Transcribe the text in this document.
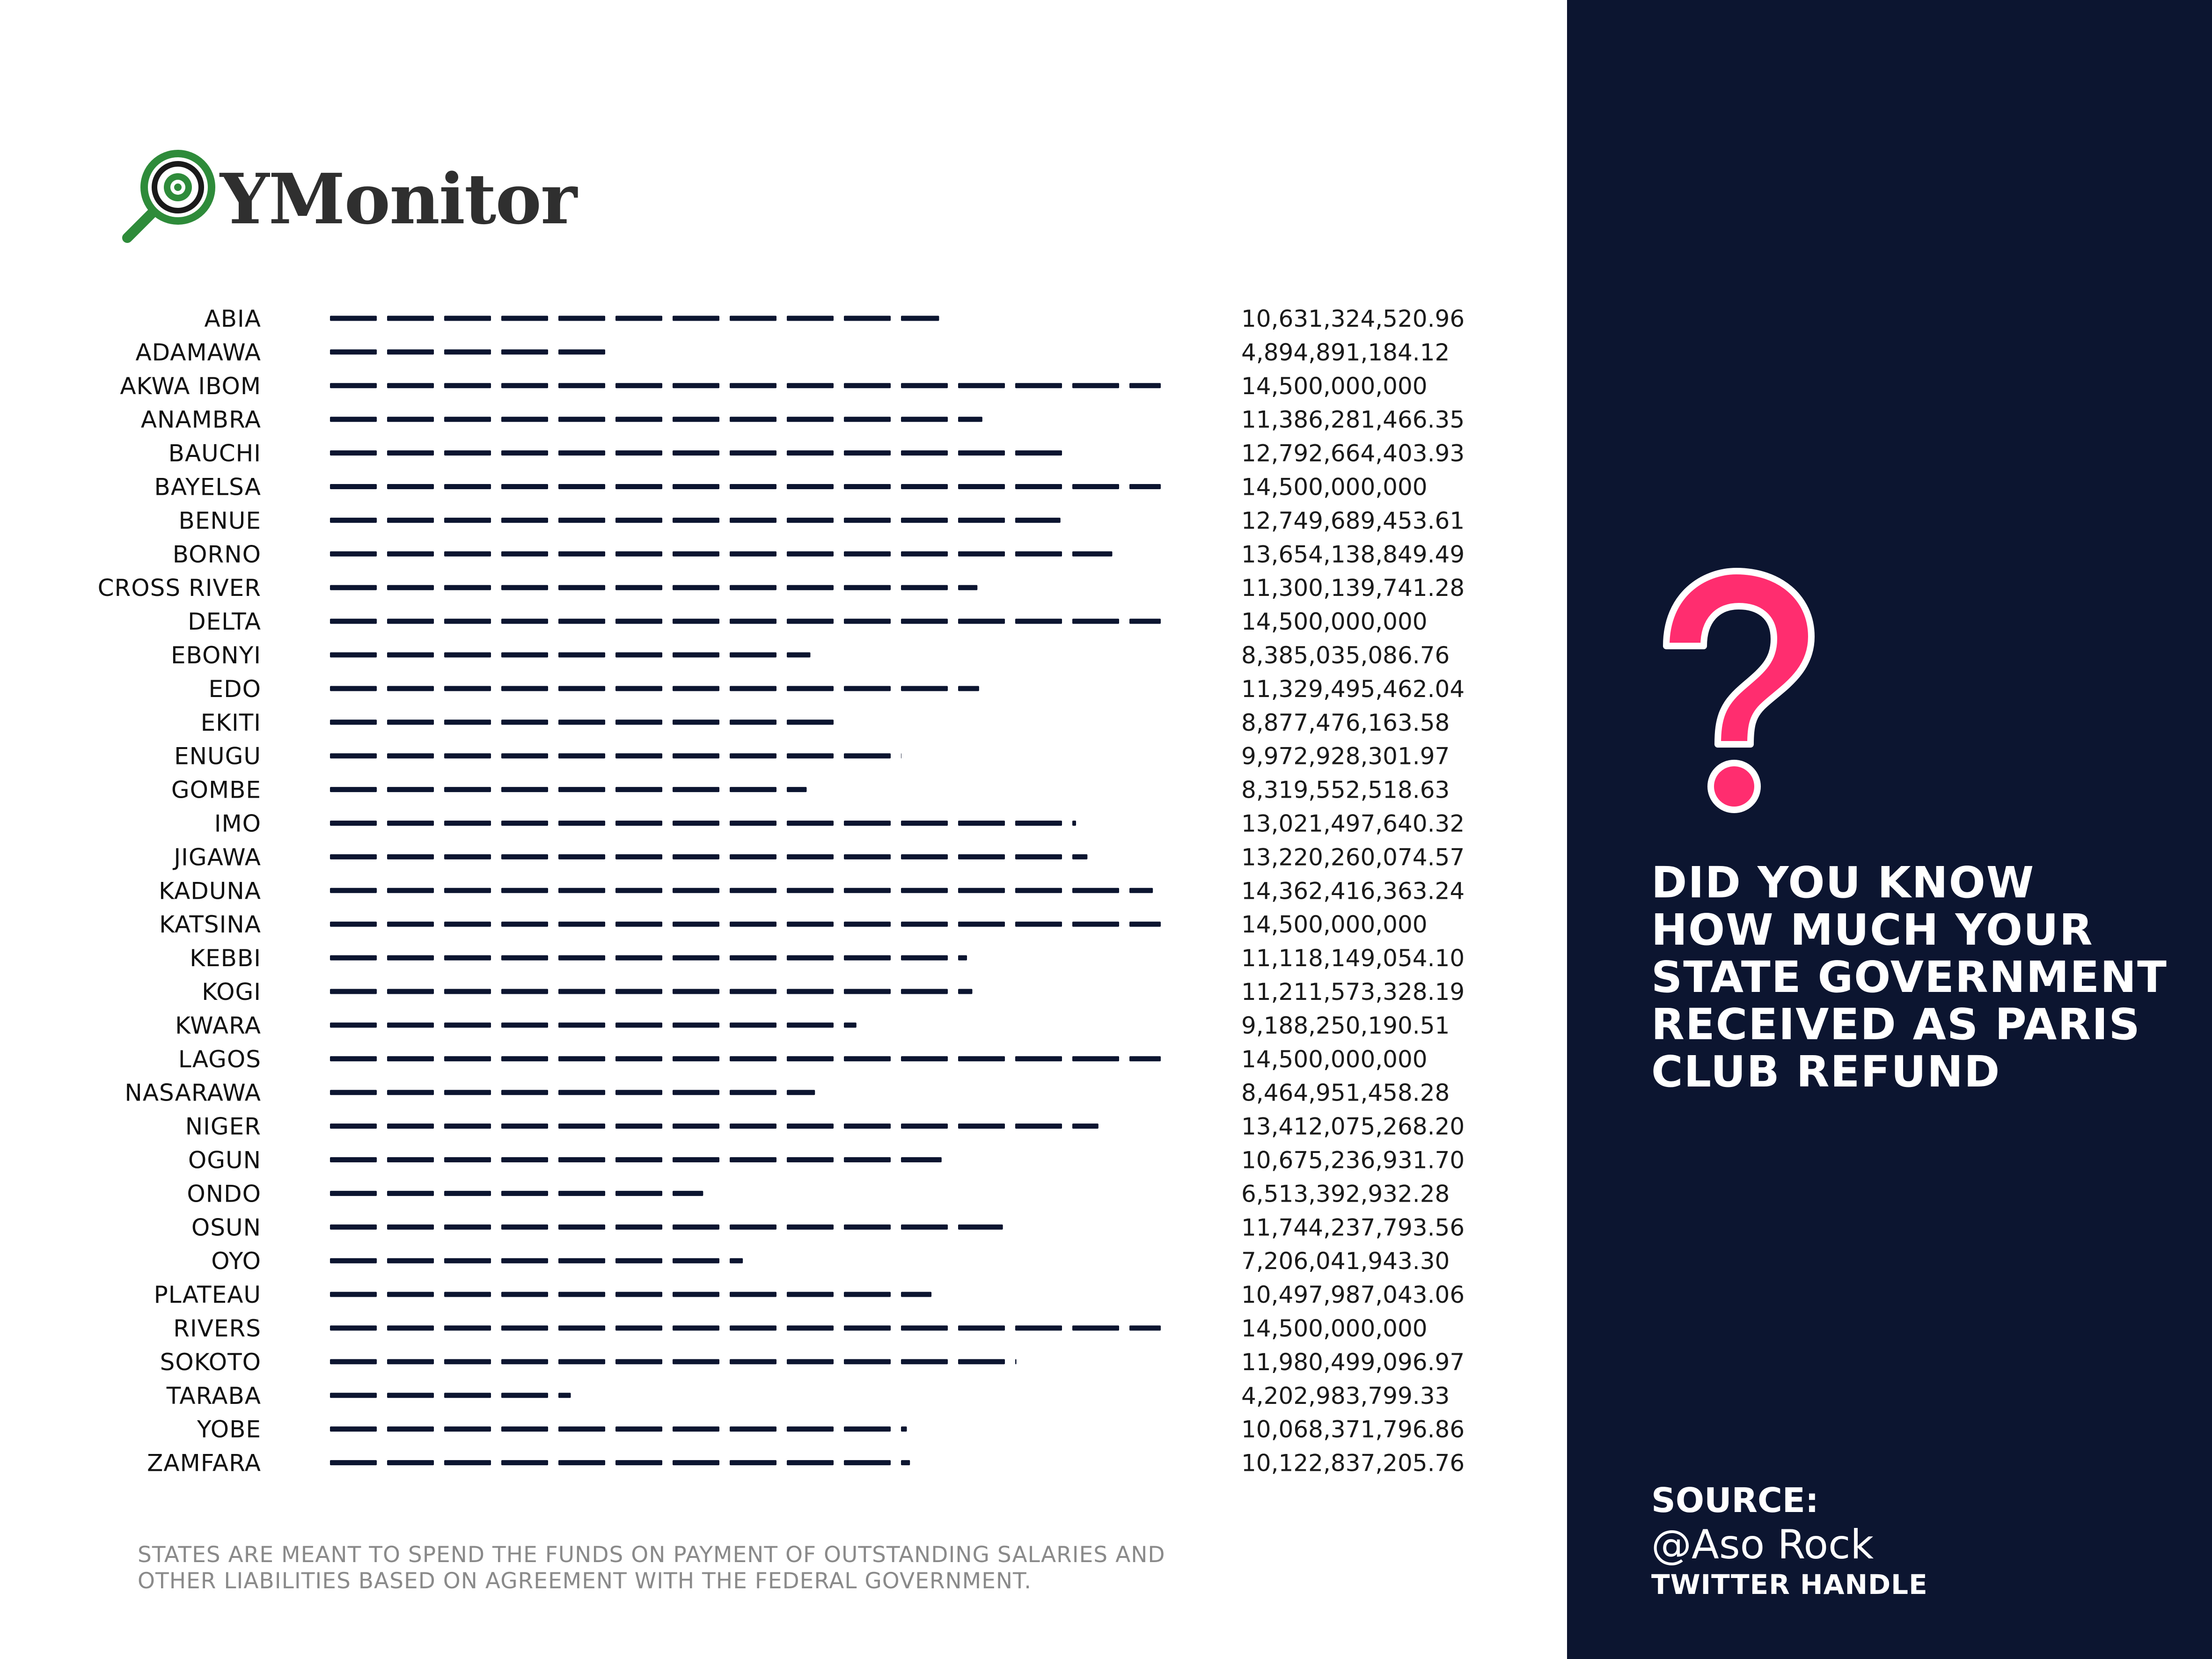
YMonitor
ABIA	10,631,324,520.96
ADAMAWA	4,894,891,184.12
AKWA IBOM	14,500,000,000
ANAMBRA	11,386,281,466.35
BAUCHI	12,792,664,403.93
BAYELSA	14,500,000,000
BENUE	12,749,689,453.61
BORNO	13,654,138,849.49
CROSS RIVER	11,300,139,741.28
DELTA	14,500,000,000
EBONYI	8,385,035,086.76
EDO	11,329,495,462.04
EKITI	8,877,476,163.58
ENUGU	9,972,928,301.97
GOMBE	8,319,552,518.63
IMO	13,021,497,640.32
JIGAWA	13,220,260,074.57
KADUNA	14,362,416,363.24
KATSINA	14,500,000,000
KEBBI	11,118,149,054.10
KOGI	11,211,573,328.19
KWARA	9,188,250,190.51
LAGOS	14,500,000,000
NASARAWA	8,464,951,458.28
NIGER	13,412,075,268.20
OGUN	10,675,236,931.70
ONDO	6,513,392,932.28
OSUN	11,744,237,793.56
OYO	7,206,041,943.30
PLATEAU	10,497,987,043.06
RIVERS	14,500,000,000
SOKOTO	11,980,499,096.97
TARABA	4,202,983,799.33
YOBE	10,068,371,796.86
ZAMFARA	10,122,837,205.76
STATES ARE MEANT TO SPEND THE FUNDS ON PAYMENT OF OUTSTANDING SALARIES AND
OTHER LIABILITIES BASED ON AGREEMENT WITH THE FEDERAL GOVERNMENT.
DID YOU KNOW
HOW MUCH YOUR
STATE GOVERNMENT
RECEIVED AS PARIS
CLUB REFUND
SOURCE:
@Aso Rock
TWITTER HANDLE
